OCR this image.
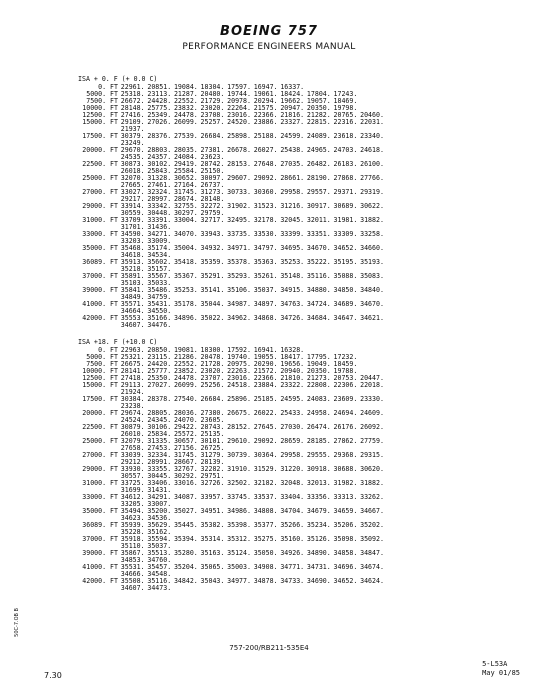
BOEING 757
PERFORMANCE ENGINEERS MANUAL
ISA + 0. F (+ 0.0 C)
0. FT 22961. 20851. 19084. 18304. 17597. 16947. 16337.
5000. FT 25318. 23113. 21287. 20480. 19744. 19061. 18424. 17804. 17243.
7500. FT 26672. 24428. 22552. 21729. 20978. 20294. 19662. 19057. 18469.
10000. FT 28148. 25775. 23832. 23020. 22264. 21575. 20947. 20350. 19798.
12500. FT 27416. 25349. 24478. 23708. 23016. 22366. 21816. 21282. 20765. 20460.
15000. FT 29109. 27026. 26099. 25257. 24520. 23886. 23327. 22815. 22316. 22031.
21937.
17500. FT 30379. 28376. 27539. 26684. 25898. 25188. 24599. 24089. 23618. 23340.
23249.
20000. FT 29670. 28803. 28035. 27381. 26678. 26027. 25438. 24965. 24703. 24618.
24535. 24357. 24084. 23623.
22500. FT 30873. 30102. 29419. 28742. 28153. 27648. 27035. 26482. 26183. 26100.
26018. 25843. 25584. 25150.
25000. FT 32070. 31328. 30652. 30097. 29607. 29092. 28661. 28190. 27868. 27766.
27665. 27461. 27164. 26737.
27000. FT 33027. 32324. 31745. 31273. 30733. 30360. 29958. 29557. 29371. 29319.
29217. 28997. 28674. 28148.
29000. FT 33914. 33342. 32755. 32272. 31902. 31523. 31216. 30917. 30689. 30622.
30559. 30448. 30297. 29759.
31000. FT 33709. 33391. 33004. 32717. 32495. 32178. 32045. 32011. 31981. 31882.
31701. 31436.
33000. FT 34590. 34271. 34070. 33943. 33735. 33530. 33399. 33351. 33309. 33258.
33203. 33009.
35000. FT 35468. 35174. 35004. 34932. 34971. 34797. 34695. 34670. 34652. 34660.
34618. 34534.
36089. FT 35913. 35602. 35418. 35359. 35378. 35363. 35253. 35222. 35195. 35193.
35218. 35157.
37000. FT 35891. 35567. 35367. 35291. 35293. 35261. 35148. 35116. 35088. 35083.
35103. 35033.
39000. FT 35841. 35486. 35253. 35141. 35106. 35037. 34915. 34880. 34850. 34840.
34849. 34759.
41000. FT 35571. 35431. 35178. 35044. 34987. 34897. 34763. 34724. 34689. 34670.
34664. 34550.
42000. FT 35553. 35166. 34896. 35022. 34962. 34868. 34726. 34684. 34647. 34621.
34607. 34476.
ISA +18. F (+10.0 C)
0. FT 22963. 20850. 19081. 18300. 17592. 16941. 16328.
5000. FT 25321. 23115. 21286. 20478. 19740. 19055. 18417. 17795. 17232.
7500. FT 26675. 24420. 22552. 21728. 20975. 20290. 19656. 19049. 18459.
10000. FT 28141. 25777. 23852. 23020. 22263. 21572. 20940. 20350. 19788.
12500. FT 27418. 25350. 24478. 23707. 23016. 22366. 21810. 21273. 20753. 20447.
15000. FT 29113. 27027. 26099. 25256. 24518. 23884. 23322. 22808. 22306. 22018.
21924.
17500. FT 30384. 28378. 27540. 26684. 25896. 25185. 24595. 24083. 23609. 23330.
23238.
20000. FT 29674. 28805. 28036. 27380. 26675. 26022. 25433. 24958. 24694. 24609.
24524. 24345. 24070. 23605.
22500. FT 30879. 30106. 29422. 28743. 28152. 27645. 27030. 26474. 26176. 26092.
26010. 25834. 25572. 25135.
25000. FT 32079. 31335. 30657. 30101. 29610. 29092. 28659. 28185. 27862. 27759.
27658. 27453. 27156. 26725.
27000. FT 33039. 32334. 31745. 31279. 30739. 30364. 29958. 29555. 29368. 29315.
29212. 28991. 28667. 28139.
29000. FT 33930. 33355. 32767. 32282. 31910. 31529. 31220. 30918. 30688. 30620.
30557. 30445. 30292. 29751.
31000. FT 33725. 33406. 33016. 32726. 32502. 32182. 32048. 32013. 31982. 31882.
31699. 31431.
33000. FT 34612. 34291. 34087. 33957. 33745. 33537. 33404. 33356. 33313. 33262.
33205. 33007.
35000. FT 35494. 35200. 35027. 34951. 34986. 34808. 34704. 34679. 34659. 34667.
34623. 34536.
36089. FT 35939. 35629. 35445. 35382. 35398. 35377. 35266. 35234. 35206. 35202.
35228. 35162.
37000. FT 35918. 35594. 35394. 35314. 35312. 35275. 35160. 35126. 35098. 35092.
35110. 35037.
39000. FT 35867. 35513. 35280. 35163. 35124. 35050. 34926. 34890. 34858. 34847.
34853. 34760.
41000. FT 35531. 35457. 35204. 35065. 35003. 34908. 34771. 34731. 34696. 34674.
34666. 34548.
42000. FT 35508. 35116. 34842. 35043. 34977. 34878. 34733. 34690. 34652. 34624.
34607. 34473.
50C-7.OB B
7.30
757-200/RB211-535E4
5-L53A
May 01/85
